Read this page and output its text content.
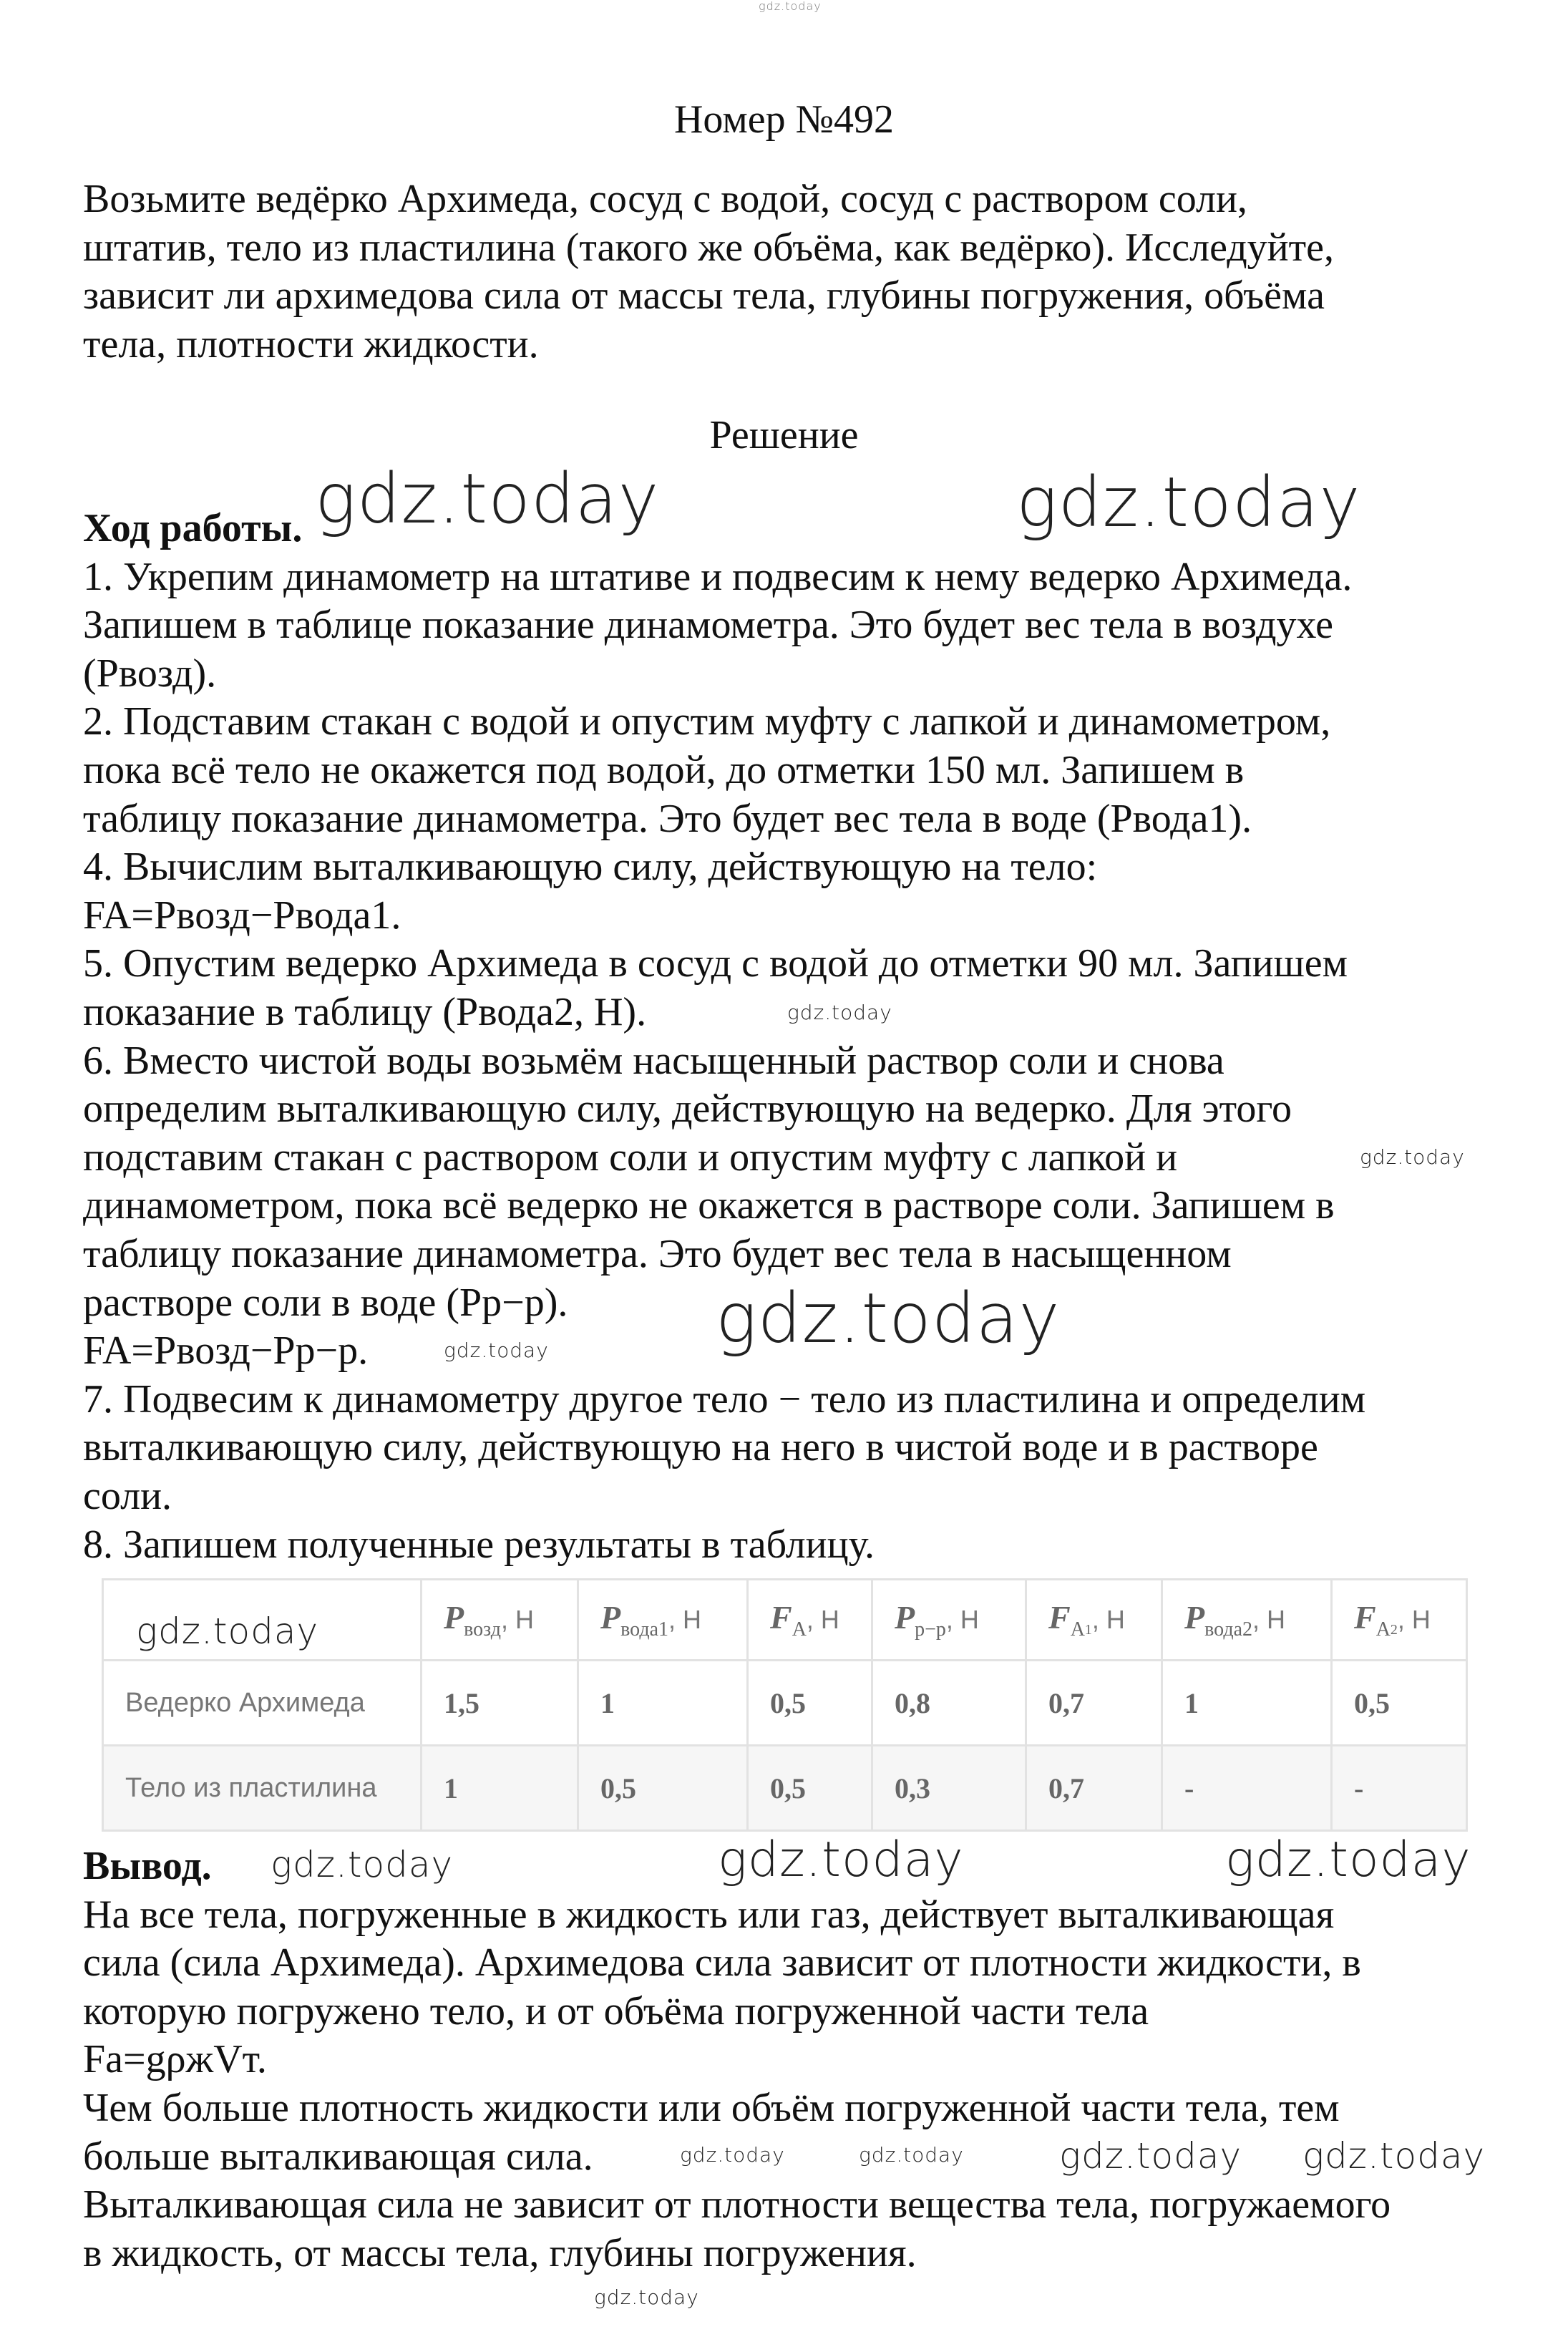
Номер №492
Возьмите ведёрко Архимеда, сосуд с водой, сосуд с раствором соли,
штатив, тело из пластилина (такого же объёма, как ведёрко). Исследуйте,
зависит ли архимедова сила от массы тела, глубины погружения, объёма
тела, плотности жидкости.
Решение
Ход работы.
1. Укрепим динамометр на штативе и подвесим к нему ведерко Архимеда.
Запишем в таблице показание динамометра. Это будет вес тела в воздухе
(Рвозд).
2. Подставим стакан с водой и опустим муфту с лапкой и динамометром,
пока всё тело не окажется под водой, до отметки 150 мл. Запишем в
таблицу показание динамометра. Это будет вес тела в воде (Рвода1).
4. Вычислим выталкивающую силу, действующую на тело:
FA=Рвозд−Рвода1.
5. Опустим ведерко Архимеда в сосуд с водой до отметки 90 мл. Запишем
показание в таблицу (Рвода2, Н).
6. Вместо чистой воды возьмём насыщенный раствор соли и снова
определим выталкивающую силу, действующую на ведерко. Для этого
подставим стакан с раствором соли и опустим муфту с лапкой и
динамометром, пока всё ведерко не окажется в растворе соли. Запишем в
таблицу показание динамометра. Это будет вес тела в насыщенном
растворе соли в воде (Рр−р).
FA=Рвозд−Рр−р.
7. Подвесим к динамометру другое тело − тело из пластилина и определим
выталкивающую силу, действующую на него в чистой воде и в растворе
соли.
8. Запишем полученные результаты в таблицу.
	$P_{возд}$, Н	$P_{вода1}$, Н	$F_A$, Н	$P_{р-р}$, Н	$F_{A1}$, Н	$P_{вода2}$, Н	$F_{A2}$, Н
Ведерко Архимеда	1,5	1	0,5	0,8	0,7	1	0,5
Тело из пластилина	1	0,5	0,5	0,3	0,7	-	-
Вывод.
На все тела, погруженные в жидкость или газ, действует выталкивающая
сила (сила Архимеда). Архимедова сила зависит от плотности жидкости, в
которую погружено тело, и от объёма погруженной части тела
Fa=gρжVт.
Чем больше плотность жидкости или объём погруженной части тела, тем
больше выталкивающая сила.
Выталкивающая сила не зависит от плотности вещества тела, погружаемого
в жидкость, от массы тела, глубины погружения.
gdz.today
gdz.today	gdz.today
gdz.today
gdz.today
gdz.today
gdz.today
gdz.today
gdz.today	gdz.today
gdz.today
gdz.today	gdz.today
gdz.today
gdz.today gdz.today
